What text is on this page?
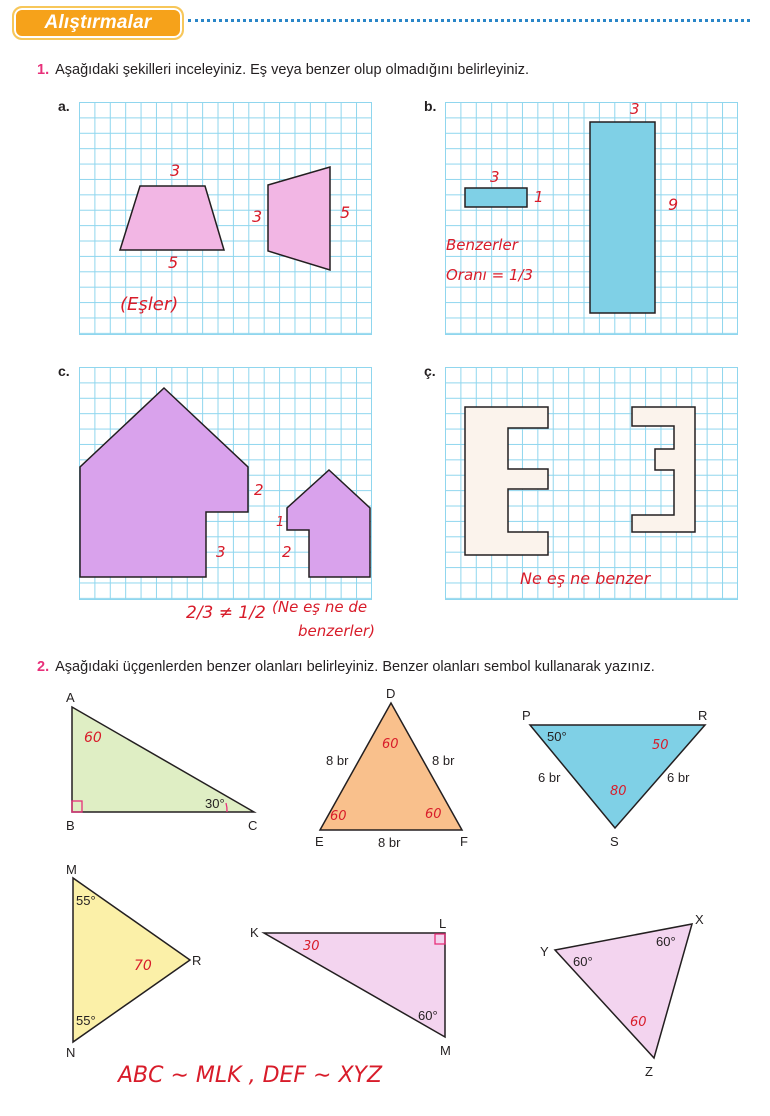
Alıştırmalar
1. Aşağıdaki şekilleri inceleyiniz. Eş veya benzer olup olmadığını belirleyiniz.
a.
3
5
3	5
(Eşler)
b.
3
1
3
9
Benzerler
Oranı = 1/3
c.
2
3
1
2
2/3 ≠ 1/2 (Ne eş ne de
benzerler)
ç.
Ne eş ne benzer
2. Aşağıdaki üçgenlerden benzer olanları belirleyiniz. Benzer olanları sembol kullanarak yazınız.
A
B	C
30°
60
D
E	F
8 br	8 br
8 br
60
60	60
P	R
S
50°
6 br	6 br
50
80
M
N
R
55°
55°
70
K
L
M
60°
30	Y
X
Z
60°
60°
60
ABC ∼ MLK , DEF ∼ XYZ
